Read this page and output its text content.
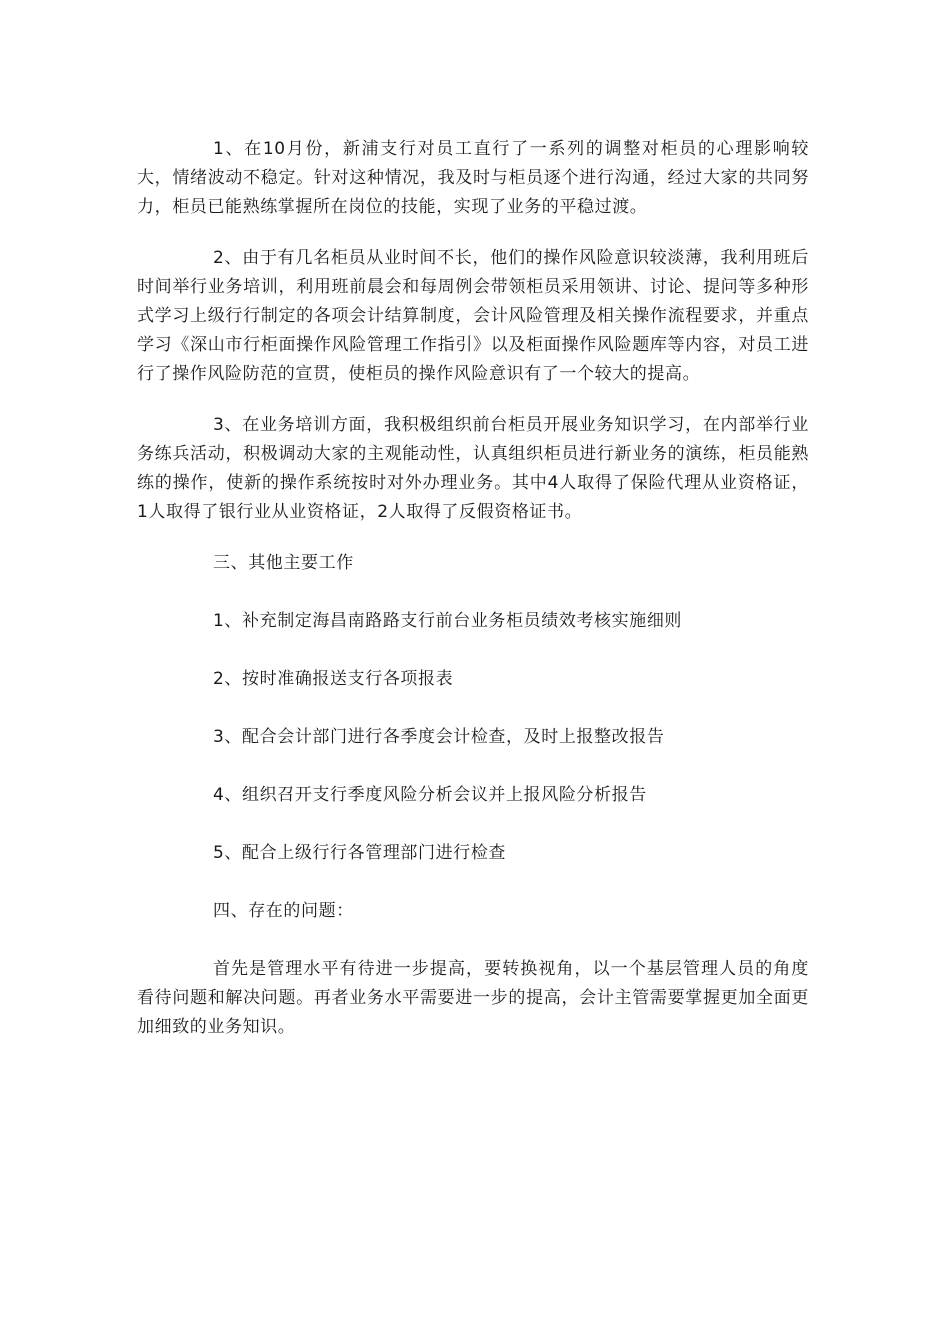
1、在10月份，新浦支行对员工直行了一系列的调整对柜员的心理影响较大，情绪波动不稳定。针对这种情况，我及时与柜员逐个进行沟通，经过大家的共同努力，柜员已能熟练掌握所在岗位的技能，实现了业务的平稳过渡。

2、由于有几名柜员从业时间不长，他们的操作风险意识较淡薄，我利用班后时间举行业务培训，利用班前晨会和每周例会带领柜员采用领讲、讨论、提问等多种形式学习上级行行制定的各项会计结算制度，会计风险管理及相关操作流程要求，并重点学习《深山市行柜面操作风险管理工作指引》以及柜面操作风险题库等内容，对员工进行了操作风险防范的宣贯，使柜员的操作风险意识有了一个较大的提高。

3、在业务培训方面，我积极组织前台柜员开展业务知识学习，在内部举行业务练兵活动，积极调动大家的主观能动性，认真组织柜员进行新业务的演练，柜员能熟练的操作，使新的操作系统按时对外办理业务。其中4人取得了保险代理从业资格证，1人取得了银行业从业资格证，2人取得了反假资格证书。

三、其他主要工作

1、补充制定海昌南路路支行前台业务柜员绩效考核实施细则

2、按时准确报送支行各项报表

3、配合会计部门进行各季度会计检查，及时上报整改报告

4、组织召开支行季度风险分析会议并上报风险分析报告

5、配合上级行行各管理部门进行检查

四、存在的问题：

首先是管理水平有待进一步提高，要转换视角，以一个基层管理人员的角度看待问题和解决问题。再者业务水平需要进一步的提高，会计主管需要掌握更加全面更加细致的业务知识。
